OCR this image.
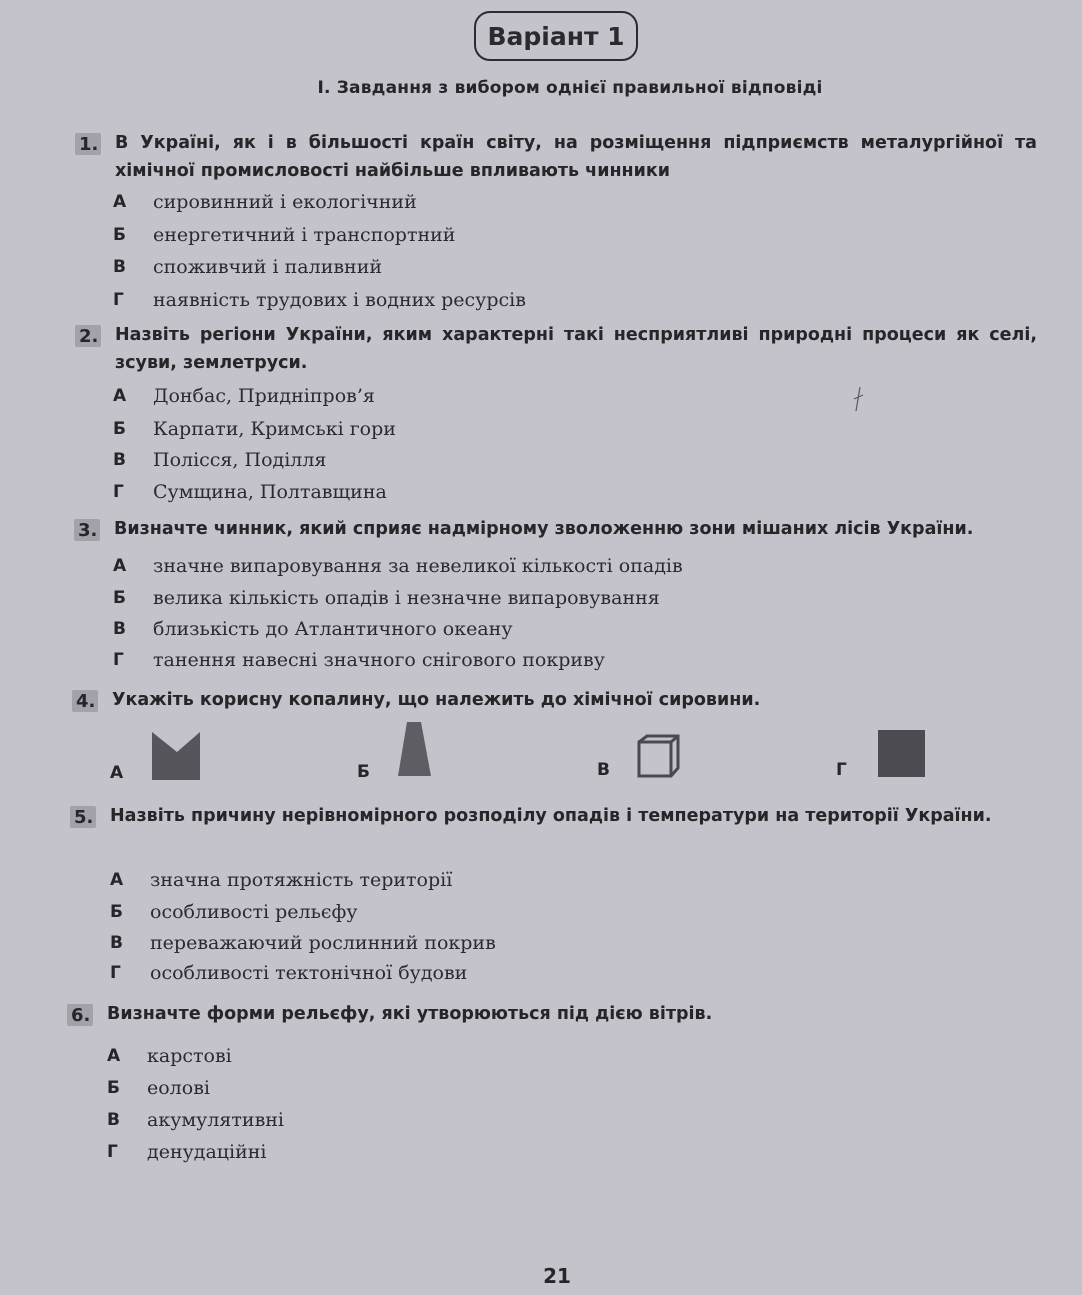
Варіант 1
I. Завдання з вибором однієї правильної відповіді
1. В Україні, як і в більшості країн світу, на розміщення підприємств металургійної та хімічної промисловості найбільше впливають чинники
А	сировинний і екологічний
Б	енергетичний і транспортний
В	споживчий і паливний
Г	наявність трудових і водних ресурсів
2. Назвіть регіони України, яким характерні такі несприятливі природні процеси як селі, зсуви, землетруси.
А	Донбас, Придніпров’я
Б	Карпати, Кримські гори
В	Полісся, Поділля
Г	Сумщина, Полтавщина
3. Визначте чинник, який сприяє надмірному зволоженню зони мішаних лісів України.
А	значне випаровування за невеликої кількості опадів
Б	велика кількість опадів і незначне випаровування
В	близькість до Атлантичного океану
Г	танення навесні значного снігового покриву
4. Укажіть корисну копалину, що належить до хімічної сировини.
А	Б	В	Г
5. Назвіть причину нерівномірного розподілу опадів і температури на території України.
А	значна протяжність території
Б	особливості рельєфу
В	переважаючий рослинний покрив
Г	особливості тектонічної будови
6. Визначте форми рельєфу, які утворюються під дією вітрів.
А	карстові
Б	еолові
В	акумулятивні
Г	денудаційні
21
